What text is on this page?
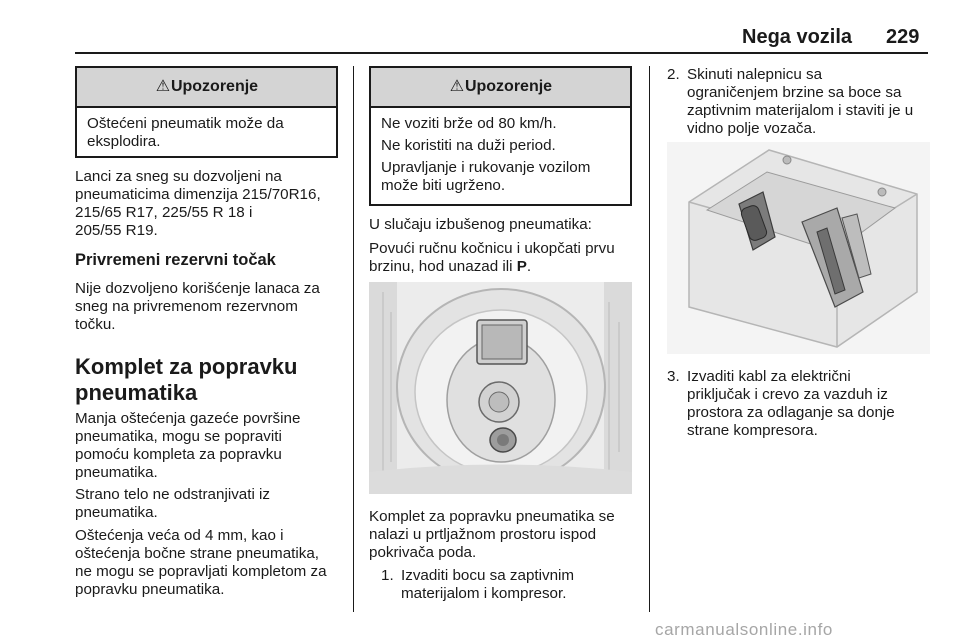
Nega vozila 229
⚠Upozorenje

Oštećeni pneumatik može da

eksplodira.

Lanci za sneg su dozvoljeni na

pneumaticima dimenzija 215/70R16,

215/65 R17, 225/55 R 18 i

205/55 R19.

Privremeni rezervni točak

Nije dozvoljeno korišćenje lanaca za

sneg na privremenom rezervnom

točku.

Komplet za popravku

pneumatika

Manja oštećenja gazeće površine

pneumatika, mogu se popraviti

pomoću kompleta za popravku

pneumatika.

Strano telo ne odstranjivati iz

pneumatika.

Oštećenja veća od 4 mm, kao i

oštećenja bočne strane pneumatika,

ne mogu se popravljati kompletom za

popravku pneumatika.

⚠Upozorenje

Ne voziti brže od 80 km/h.

Ne koristiti na duži period.

Upravljanje i rukovanje vozilom

može biti ugrženo.

U slučaju izbušenog pneumatika:

Povući ručnu kočnicu i ukopčati prvu

brzinu, hod unazad ili P.

Komplet za popravku pneumatika se

nalazi u prtljažnom prostoru ispod

pokrivača poda.

1. Izvaditi bocu sa zaptivnim

materijalom i kompresor.

2. Skinuti nalepnicu sa

ograničenjem brzine sa boce sa

zaptivnim materijalom i staviti je u

vidno polje vozača.

3. Izvaditi kabl za električni

priključak i crevo za vazduh iz

prostora za odlaganje sa donje

strane kompresora.

carmanualsonline.info
